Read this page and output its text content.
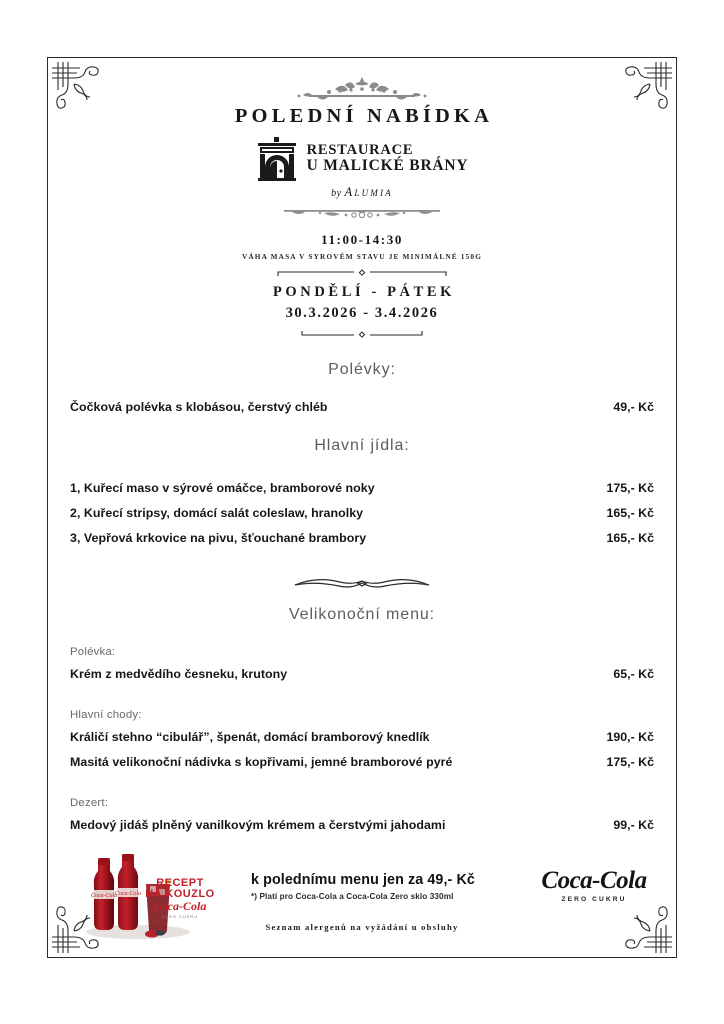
POLEDNÍ NABÍDKA
RESTAURACE
U MALICKÉ BRÁNY
by Alumia
11:00-14:30
VÁHA MASA V SYROVÉM STAVU JE MINIMÁLNÉ 150G
PONDĚLÍ - PÁTEK
30.3.2026 - 3.4.2026
Polévky:
Čočková polévka s klobásou, čerstvý chléb	49,- Kč
Hlavní jídla:
1, Kuřecí maso v sýrové omáčce, bramborové noky	175,- Kč
2, Kuřecí stripsy, domácí salát coleslaw, hranolky	165,- Kč
3, Vepřová krkovice na pivu, šťouchané brambory	165,- Kč
Velikonoční menu:
Polévka:
Krém z medvědího česneku, krutony	65,- Kč
Hlavní chody:
Králičí stehno “cibulář”, špenát, domácí bramborový knedlík	190,- Kč
Masitá velikonoční nádivka s kopřivami, jemné bramborové pyré	175,- Kč
Dezert:
Medový jidáš plněný vanilkovým krémem a čerstvými jahodami	99,- Kč
Coca-Cola
Coca-Cola
RECEPT
NA KOUZLO
Coca-Cola
ZERO CUKRU
k polednímu menu jen za 49,- Kč
*) Platí pro Coca-Cola a Coca-Cola Zero sklo 330ml
Coca-Cola
ZERO CUKRU
Seznam alergenů na vyžádání u obsluhy
